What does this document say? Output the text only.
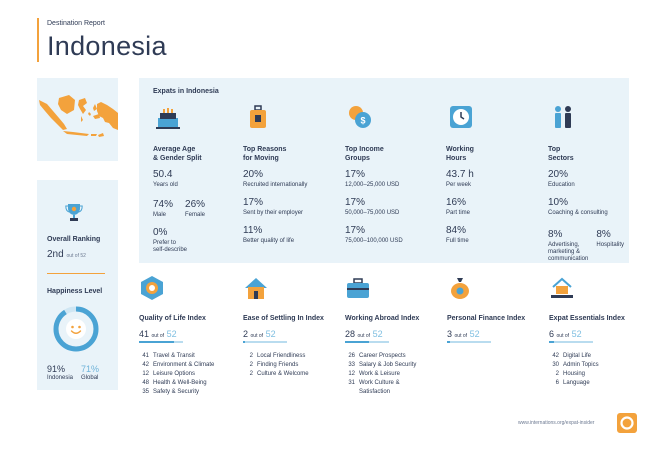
Destination Report
Indonesia
Overall Ranking
2nd out of 52
Happiness Level
91%
Indonesia
71%
Global
Expats in Indonesia
Average Age
& Gender Split
50.4
Years old
74%
Male
26%
Female
0%
Prefer to
self-describe
Top Reasons
for Moving
20%
Recruited internationally
17%
Sent by their employer
11%
Better quality of life
$
Top Income
Groups
17%
12,000–25,000 USD
17%
50,000–75,000 USD
17%
75,000–100,000 USD
Working
Hours
43.7 h
Per week
16%
Part time
84%
Full time
Top
Sectors
20%
Education
10%
Coaching & consulting
8%
Advertising,
marketing &
communication
8%
Hospitality
Quality of Life Index
41 out of 52
41 Travel & Transit
42 Environment & Climate
12 Leisure Options
48 Health & Well-Being
35 Safety & Security
Ease of Settling In Index
2 out of 52
2 Local Friendliness
2 Finding Friends
2 Culture & Welcome
Working Abroad Index
28 out of 52
26 Career Prospects
33 Salary & Job Security
12 Work & Leisure
31 Work Culture &
Satisfaction
Personal Finance Index
3 out of 52
Expat Essentials Index
6 out of 52
42 Digital Life
30 Admin Topics
2 Housing
6 Language
www.internations.org/expat-insider
